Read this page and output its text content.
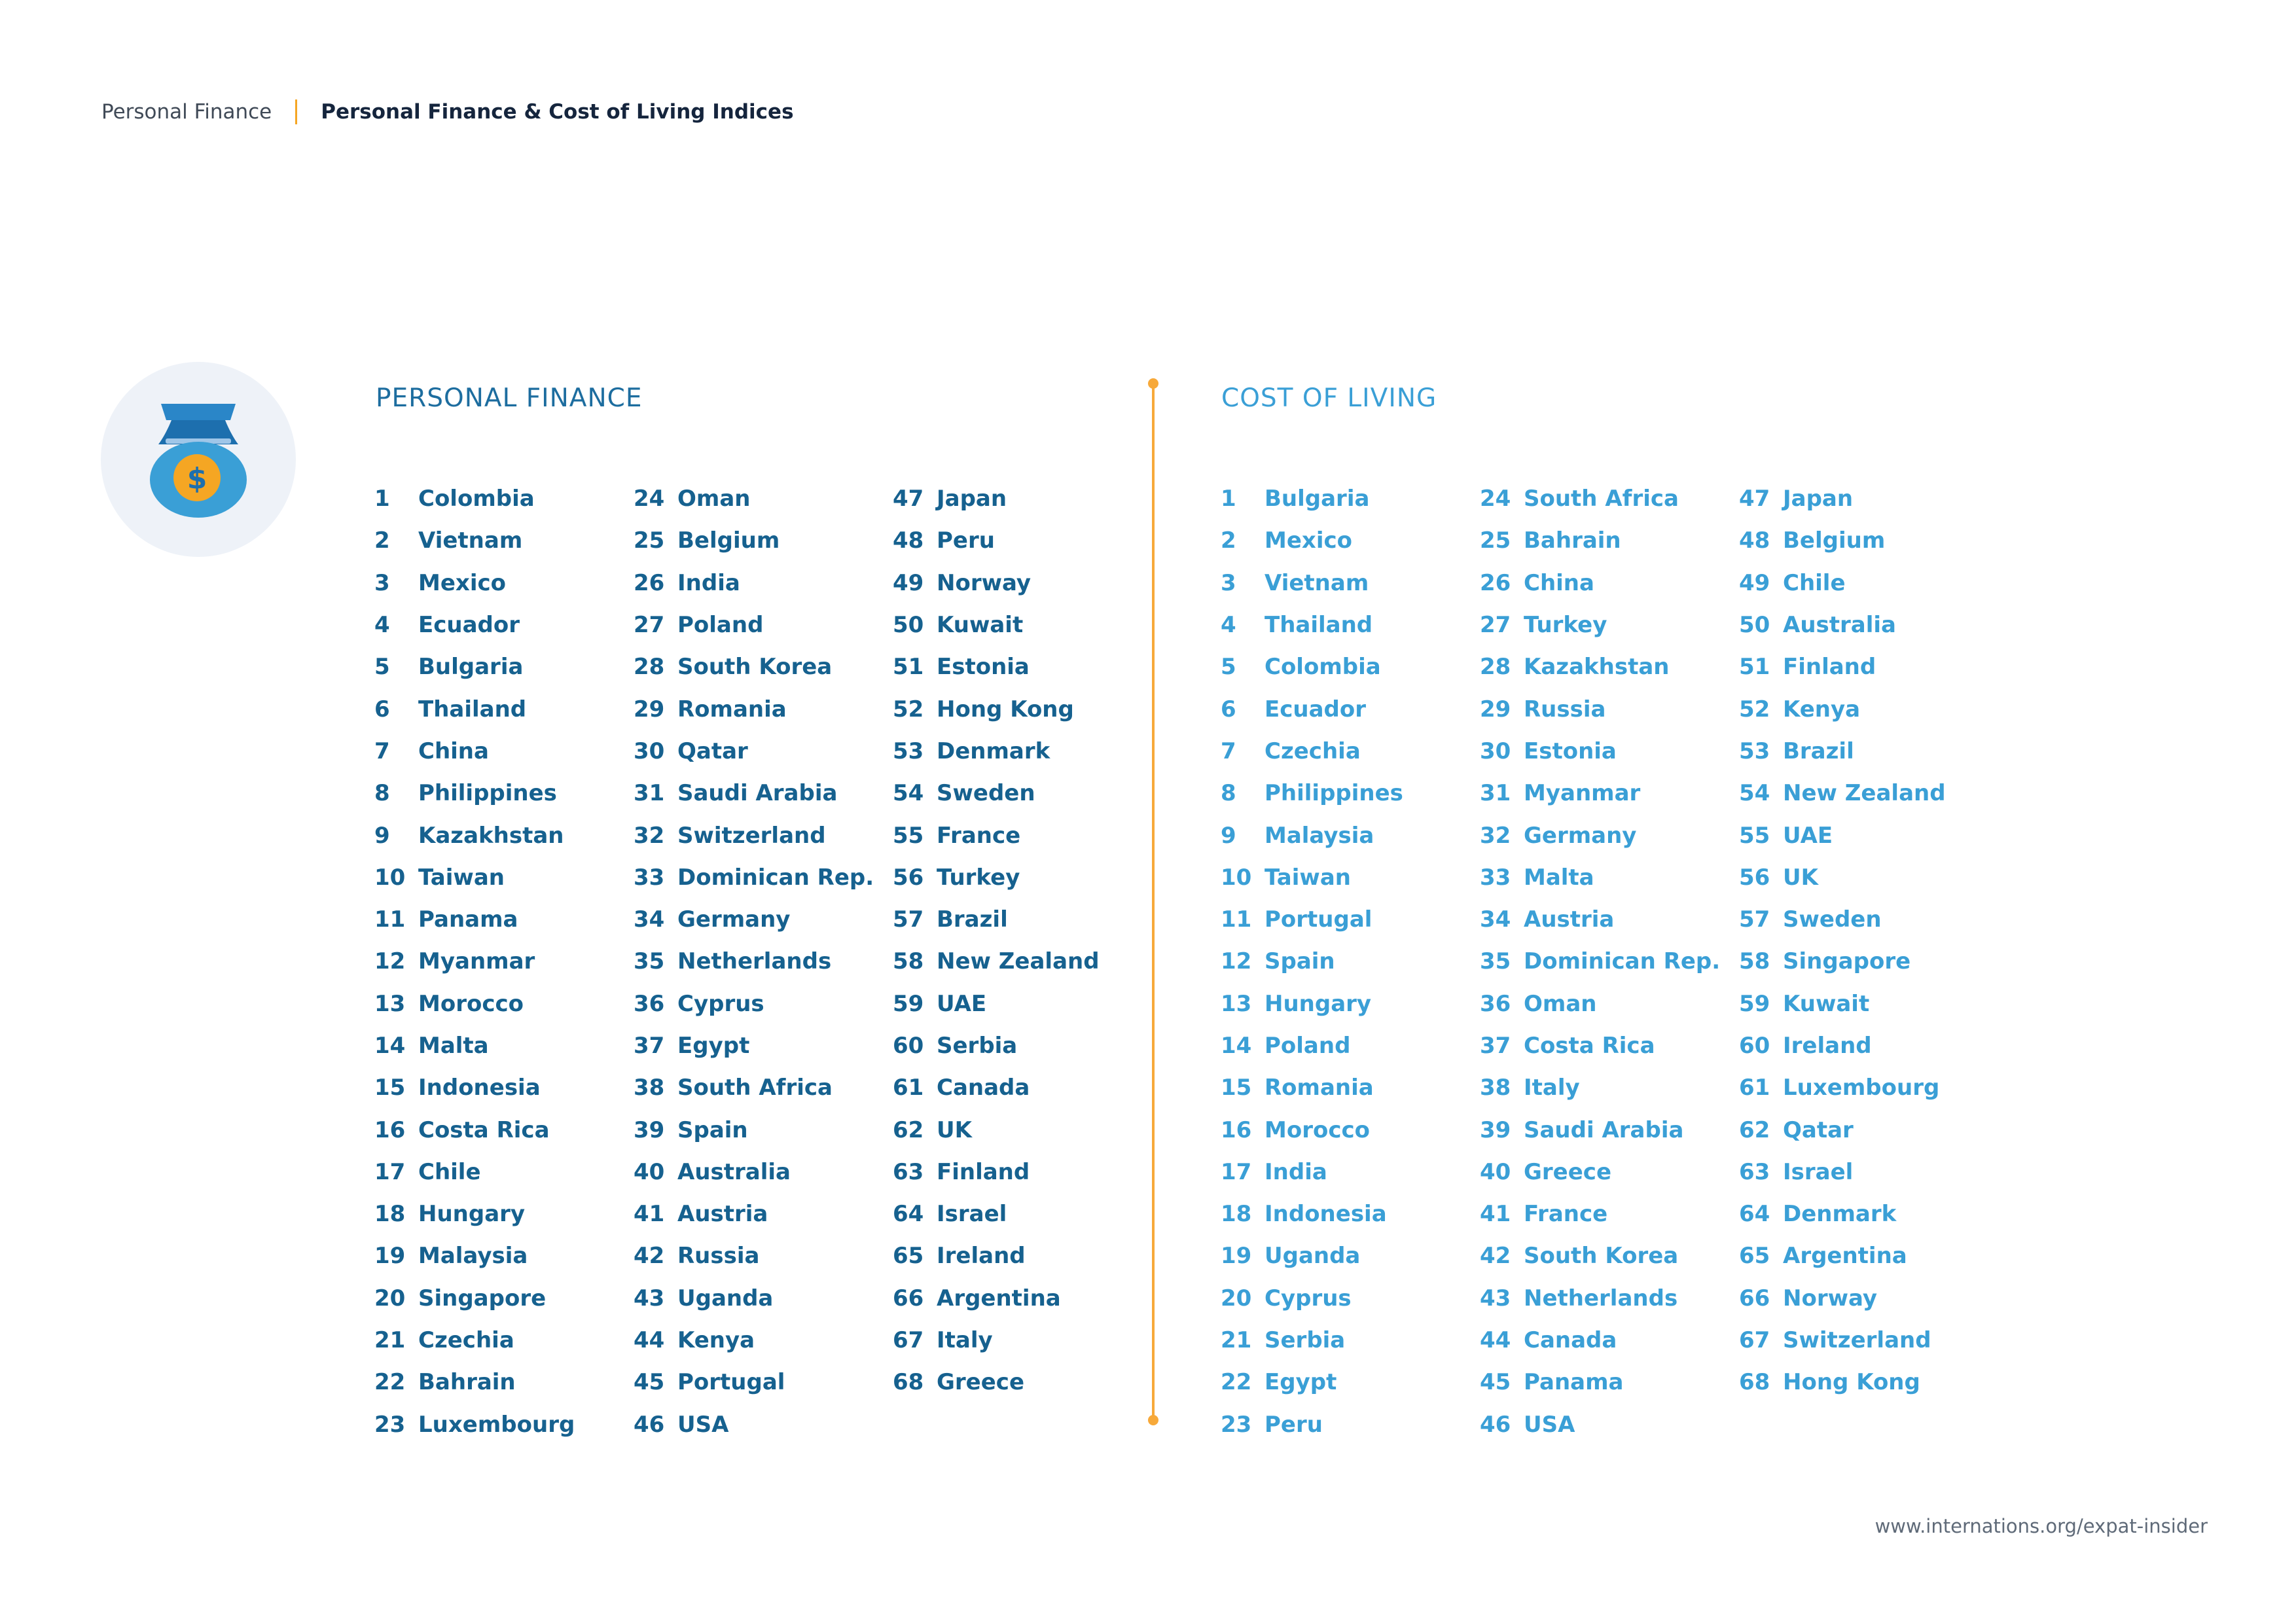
Personal Finance Personal Finance & Cost of Living Indices
$
PERSONAL FINANCE	COST OF LIVING
1	Colombia
2	Vietnam
3	Mexico
4	Ecuador
5	Bulgaria
6	Thailand
7	China
8	Philippines
9	Kazakhstan
10 Taiwan
11 Panama
12 Myanmar
13 Morocco
14 Malta
15 Indonesia
16 Costa Rica
17 Chile
18 Hungary
19 Malaysia
20 Singapore
21 Czechia
22 Bahrain
23 Luxembourg
24 Oman
25 Belgium
26 India
27 Poland
28 South Korea
29 Romania
30 Qatar
31 Saudi Arabia
32 Switzerland
33 Dominican Rep.
34 Germany
35 Netherlands
36 Cyprus
37 Egypt
38 South Africa
39 Spain
40 Australia
41 Austria
42 Russia
43 Uganda
44 Kenya
45 Portugal
46 USA
47 Japan
48 Peru
49 Norway
50 Kuwait
51 Estonia
52 Hong Kong
53 Denmark
54 Sweden
55 France
56 Turkey
57 Brazil
58 New Zealand
59 UAE
60 Serbia
61 Canada
62 UK
63 Finland
64 Israel
65 Ireland
66 Argentina
67 Italy
68 Greece
1	Bulgaria
2	Mexico
3	Vietnam
4	Thailand
5	Colombia
6	Ecuador
7	Czechia
8	Philippines
9	Malaysia
10 Taiwan
11 Portugal
12 Spain
13 Hungary
14 Poland
15 Romania
16 Morocco
17 India
18 Indonesia
19 Uganda
20 Cyprus
21 Serbia
22 Egypt
23 Peru
24 South Africa
25 Bahrain
26 China
27 Turkey
28 Kazakhstan
29 Russia
30 Estonia
31 Myanmar
32 Germany
33 Malta
34 Austria
35 Dominican Rep.
36 Oman
37 Costa Rica
38 Italy
39 Saudi Arabia
40 Greece
41 France
42 South Korea
43 Netherlands
44 Canada
45 Panama
46 USA
47 Japan
48 Belgium
49 Chile
50 Australia
51 Finland
52 Kenya
53 Brazil
54 New Zealand
55 UAE
56 UK
57 Sweden
58 Singapore
59 Kuwait
60 Ireland
61 Luxembourg
62 Qatar
63 Israel
64 Denmark
65 Argentina
66 Norway
67 Switzerland
68 Hong Kong
www.internations.org/expat-insider
